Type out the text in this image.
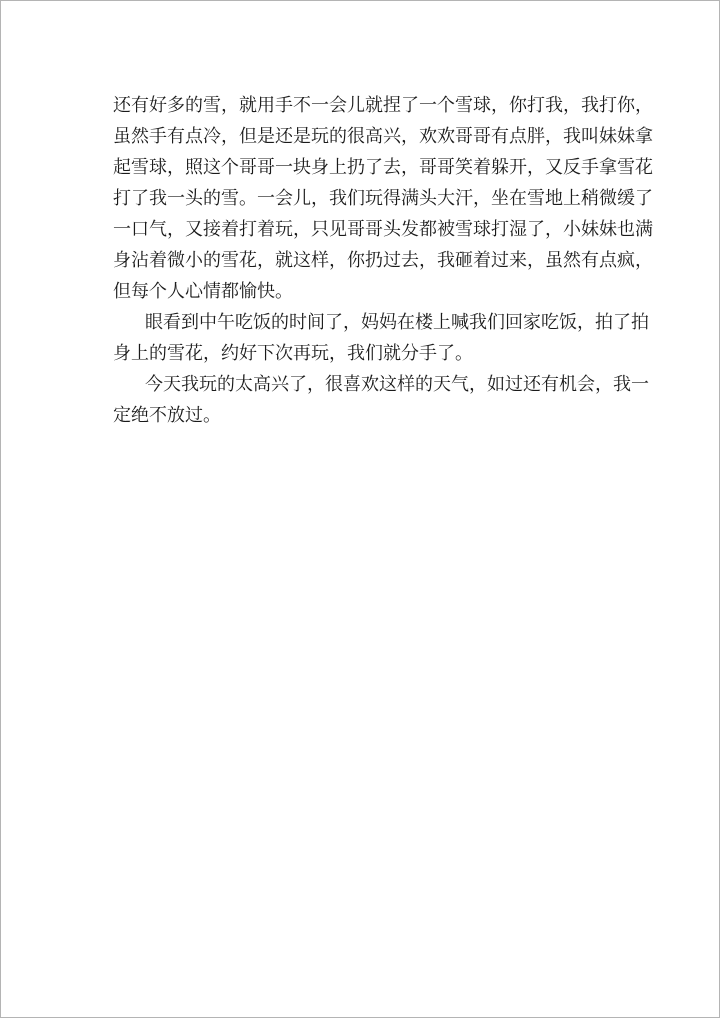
还有好多的雪，就用手不一会儿就捏了一个雪球，你打我，我打你，
虽然手有点冷，但是还是玩的很高兴，欢欢哥哥有点胖，我叫妹妹拿
起雪球，照这个哥哥一块身上扔了去，哥哥笑着躲开，又反手拿雪花
打了我一头的雪。一会儿，我们玩得满头大汗，坐在雪地上稍微缓了
一口气，又接着打着玩，只见哥哥头发都被雪球打湿了，小妹妹也满
身沾着微小的雪花，就这样，你扔过去，我砸着过来，虽然有点疯，
但每个人心情都愉快。
眼看到中午吃饭的时间了，妈妈在楼上喊我们回家吃饭，拍了拍
身上的雪花，约好下次再玩，我们就分手了。
今天我玩的太高兴了，很喜欢这样的天气，如过还有机会，我一
定绝不放过。
